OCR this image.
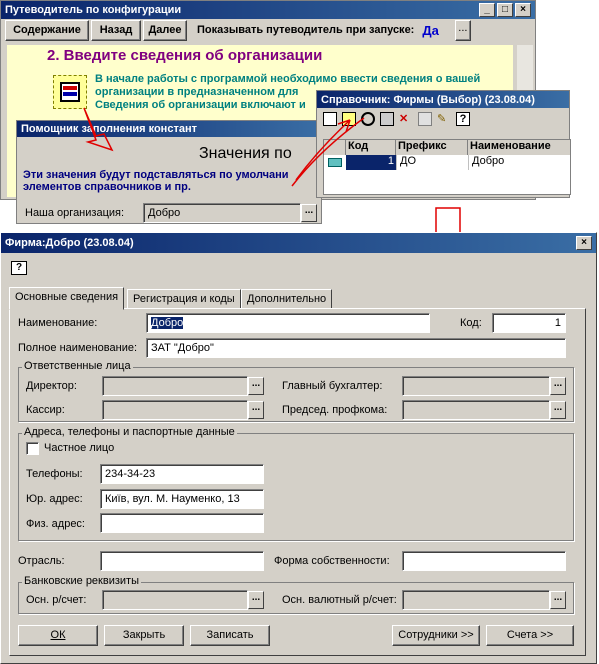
Путеводитель по конфигурации	_	□	×
Содержание	Назад	Далее	Показывать путеводитель при запуске: Да	...
2. Введите сведения об организации
В начале работы с программой необходимо ввести сведения о вашей
организации в предназначенном для
Сведения об организации включают и
Помощник заполнения констант
Значения по
Эти значения будут подставляться по умолчани
элементов справочников и пр.
Наша организация:	Добро	...
Справочник: Фирмы (Выбор) (23.08.04)
✕	✎	?
Код	Префикс	Наименование
1 ДО	Добро
Фирма:Добро (23.08.04)	×
?
Основные сведения	Регистрация и коды	Дополнительно
Наименование:	Добро	Код:	1
Полное наименование:	ЗАТ "Добро"
Ответственные лица
Директор:	...	Главный бухгалтер:	...
Кассир:	...	Председ. профкома:	...
Адреса, телефоны и паспортные данные
Частное лицо
Телефоны:	234-34-23
Юр. адрес:	Київ, вул. М. Науменко, 13
Физ. адрес:
Отрасль:	Форма собственности:
Банковские реквизиты
Осн. р/счет:	...	Осн. валютный р/счет:	...
ОК	Закрыть	Записать	Сотрудники >>	Счета >>
